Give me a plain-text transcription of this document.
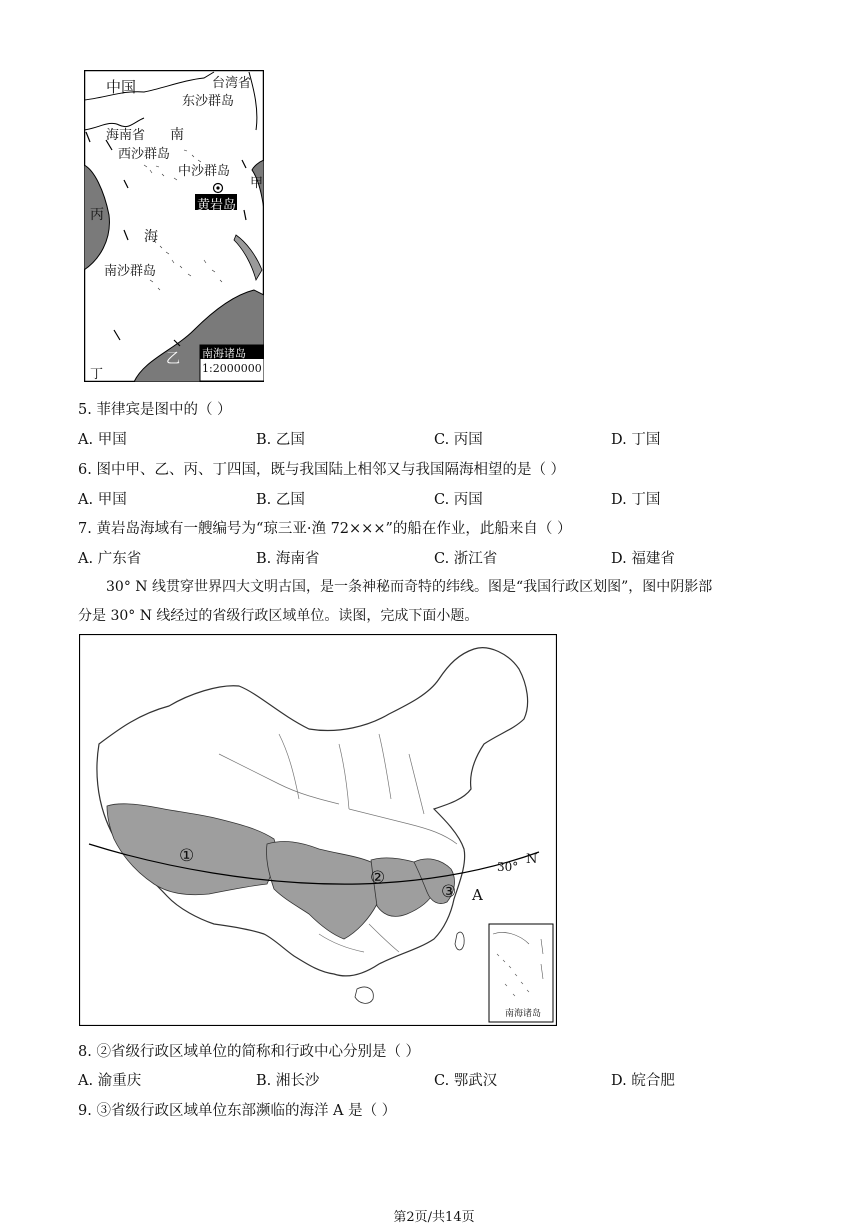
中国	台湾省
东沙群岛
海南省 南
西沙群岛
中沙群岛
甲
黄岩岛
丙
海
南沙群岛
乙
丁
南海诸岛
1:2000000
5. 菲律宾是图中的（ ）
A. 甲国	B. 乙国	C. 丙国	D. 丁国
6. 图中甲、乙、丙、丁四国，既与我国陆上相邻又与我国隔海相望的是（ ）
A. 甲国	B. 乙国	C. 丙国	D. 丁国
7. 黄岩岛海域有一艘编号为“琼三亚·渔 72×××”的船在作业，此船来自（ ）
A. 广东省	B. 海南省	C. 浙江省	D. 福建省
30° N 线贯穿世界四大文明古国，是一条神秘而奇特的纬线。图是“我国行政区划图”，图中阴影部
分是 30° N 线经过的省级行政区域单位。读图，完成下面小题。
①
②
③ A
30° N
南海诸岛
8. ②省级行政区域单位的简称和行政中心分别是（ ）
A. 渝重庆	B. 湘长沙	C. 鄂武汉	D. 皖合肥
9. ③省级行政区域单位东部濒临的海洋 A 是（ ）
第2页/共14页
